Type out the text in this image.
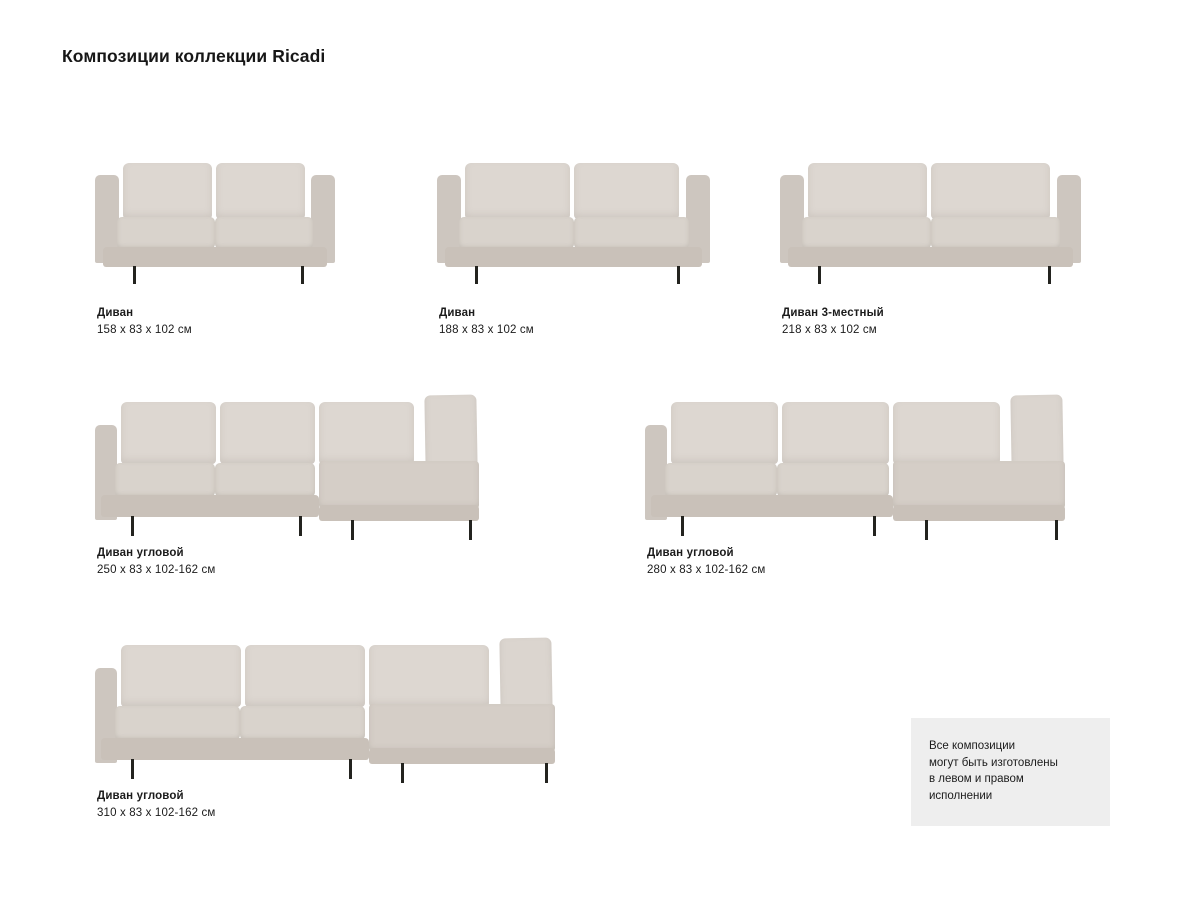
Композиции коллекции Ricadi
Диван
158 x 83 x 102 см
Диван
188 x 83 x 102 см
Диван 3-местный
218 x 83 x 102 см
Диван угловой
250 x 83 x 102-162 см
Диван угловой
280 x 83 x 102-162 см
Диван угловой
310 x 83 x 102-162 см
Все композиции
могут быть изготовлены
в левом и правом
исполнении
